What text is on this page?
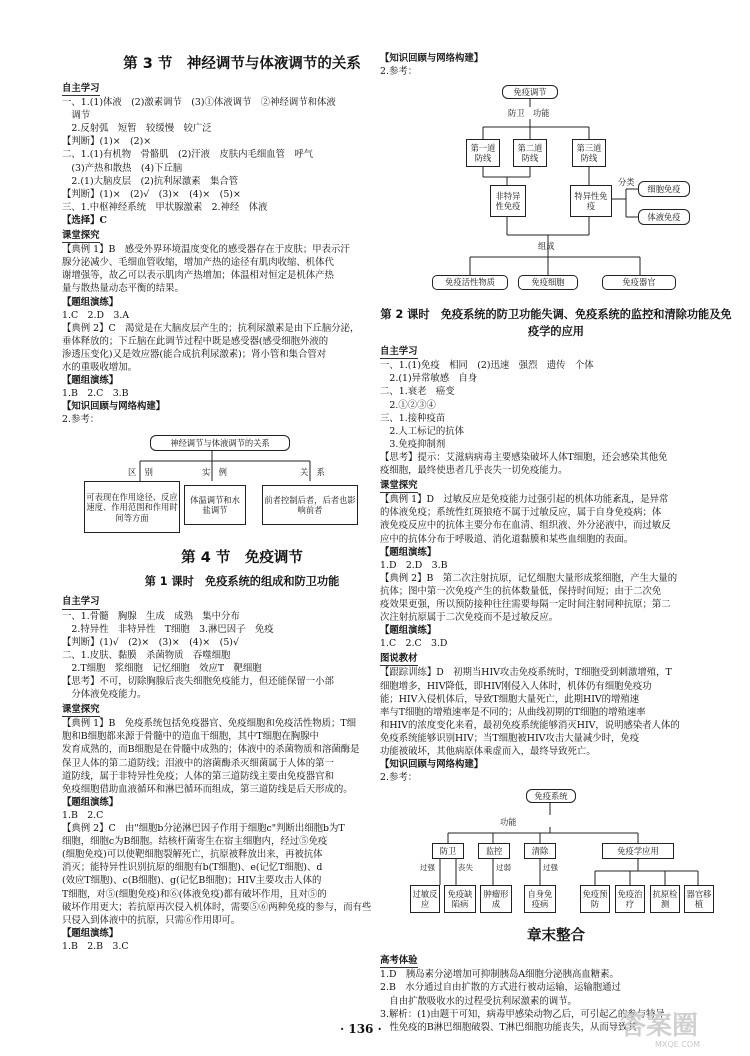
第 3 节　神经调节与体液调节的关系
自主学习
一、1.(1)体液　(2)激素调节　(3)①体液调节　②神经调节和体液
　调节
　2.反射弧　短暂　较缓慢　较广泛
【判断】(1)×　(2)×
二、1.(1)有机物　骨骼肌　(2)汗液　皮肤内毛细血管　呼气
　(3)产热和散热　(4)下丘脑
　2.(1)大脑皮层　(2)抗利尿激素　集合管
【判断】(1)×　(2)√　(3)×　(4)×　(5)×
三、1.中枢神经系统　甲状腺激素　2.神经　体液
【选择】C
课堂探究
【典例 1】B　感受外界环境温度变化的感受器存在于皮肤；甲表示汗
腺分泌减少、毛细血管收缩，增加产热的途径有肌肉收缩、机体代
谢增强等，故乙可以表示肌肉产热增加；体温相对恒定是机体产热
量与散热量动态平衡的结果。
【题组演练】
1.C　2.D　3.A
【典例 2】C　渴觉是在大脑皮层产生的；抗利尿激素是由下丘脑分泌，
垂体释放的；下丘脑在此调节过程中既是感受器(感受细胞外液的
渗透压变化)又是效应器(能合成抗利尿激素)；肾小管和集合管对
水的重吸收增加。
【题组演练】
1.B　2.C　3.B
【知识回顾与网络构建】
2.参考：
神经调节与体液调节的关系
区　别	实　例	关　系
可表现在作用途径、反应速度、作用范围和作用时间等方面
体温调节和水盐调节
前者控制后者，后者也影响前者
第 4 节　免疫调节
第 1 课时　免疫系统的组成和防卫功能
自主学习
一、1.骨髓　胸腺　生成　成熟　集中分布
　2.特异性　非特异性　T细胞　3.淋巴因子　免疫
【判断】(1)√　(2)×　(3)×　(4)×　(5)√
二、1.皮肤、黏膜　杀菌物质　吞噬细胞
　2.T细胞　浆细胞　记忆细胞　效应T　靶细胞
【思考】不可，切除胸腺后丧失细胞免疫能力，但还能保留一小部
　分体液免疫能力。
课堂探究
【典例 1】B　免疫系统包括免疫器官、免疫细胞和免疫活性物质；T细
胞和B细胞都来源于骨髓中的造血干细胞，其中T细胞在胸腺中
发育成熟的，而B细胞是在骨髓中成熟的；体液中的杀菌物质和溶菌酶是
保卫人体的第二道防线；泪液中的溶菌酶杀灭细菌属于人体的第一
道防线，属于非特异性免疫；人体的第三道防线主要由免疫器官和
免疫细胞借助血液循环和淋巴循环而组成，第三道防线是后天形成的。
【题组演练】
1.B　2.C
【典例 2】C　由"细胞b分泌淋巴因子作用于细胞c"判断出细胞b为T
细胞，细胞c为B细胞。结核杆菌寄生在宿主细胞内，经过⑤免疫
(细胞免疫)可以使靶细胞裂解死亡，抗原被释放出来，再被抗体
消灭；能特异性识别抗原的细胞有b(T细胞)、e(记忆T细胞)、d
(效应T细胞)、c(B细胞)、g(记忆B细胞)；HIV主要攻击人体的
T细胞，对⑤(细胞免疫)和⑥(体液免疫)都有破坏作用，且对⑤的
破坏作用更大；若抗原再次侵入机体时，需要⑤⑥两种免疫的参与，而有些
只侵入到体液中的抗原，只需⑥作用即可。
【题组演练】
1.B　2.B　3.C
【知识回顾与网络构建】
2.参考：
免疫调节
防卫　功能
第一道防线
第二道防线
第三道防线
非特异性免疫
特异性免疫
分类
细胞免疫
体液免疫
组成
免疫活性物质	免疫细胞	免疫器官
第 2 课时　免疫系统的防卫功能失调、免疫系统的监控和清除功能及免疫学的应用
自主学习
一、1.(1)免疫　相同　(2)迅速　强烈　遗传　个体
　2.(1)异常敏感　自身
二、1.衰老　癌变
　2.①②③④
三、1.接种疫苗
　2.人工标记的抗体
　3.免疫抑制剂
【思考】提示：艾滋病病毒主要感染破坏人体T细胞，还会感染其他免
疫细胞，最终使患者几乎丧失一切免疫能力。
课堂探究
【典例 1】D　过敏反应是免疫能力过强引起的机体功能紊乱，是异常
的体液免疫；系统性红斑狼疮不属于过敏反应，属于自身免疫病；体
液免疫反应中的抗体主要分布在血清、组织液、外分泌液中，而过敏反
应中的抗体分布于呼吸道、消化道黏膜和某些血细胞的表面。
【题组演练】
1.D　2.D　3.B
【典例 2】B　第二次注射抗原，记忆细胞大量形成浆细胞，产生大量的
抗体；图中第一次免疫产生的抗体数量低，保持时间短；由于二次免
疫效果更强，所以预防接种往往需要每隔一定时间注射同种抗原；第二
次注射抗原属于二次免疫而不是过敏反应。
【题组演练】
1.C　2.C　3.D
图说教材
【跟踪训练】D　初期当HIV攻击免疫系统时，T细胞受到刺激增殖，T
细胞增多，HIV降低，即HIV刚侵入人体时，机体仍有细胞免疫功
能；HIV入侵机体后，导致T细胞大量死亡，此期HIV的增殖速
率与T细胞的增殖速率是不同的；从曲线初期的T细胞的增殖速率
和HIV的浓度变化来看，最初免疫系统能够消灭HIV，说明感染者人体的
免疫系统能够识别HIV；当T细胞被HIV攻击大量减少时，免疫
功能被破坏，其他病原体乘虚而入，最终导致死亡。
【知识回顾与网络构建】
2.参考：
免疫系统
功能
防卫	监控	清除	免疫学应用
过强	丧失	过弱	过强
过敏反应
免疫缺陷病
肿瘤形成
自身免疫病
免疫预防
免疫治疗
抗原检测
器官移植
章末整合
高考体验
1.D　胰岛素分泌增加可抑制胰岛A细胞分泌胰高血糖素。
2.B　水分通过自由扩散的方式进行被动运输，运输胞通过
　自由扩散吸收水的过程受抗利尿激素的调节。
3.解析：(1)由题干可知，病毒甲感染动物乙后，可引起乙的参与特异
　性免疫的B淋巴细胞破裂、T淋巴细胞功能丧失，从而导致其
· 136 ·	答案圈
MXQE.COM
